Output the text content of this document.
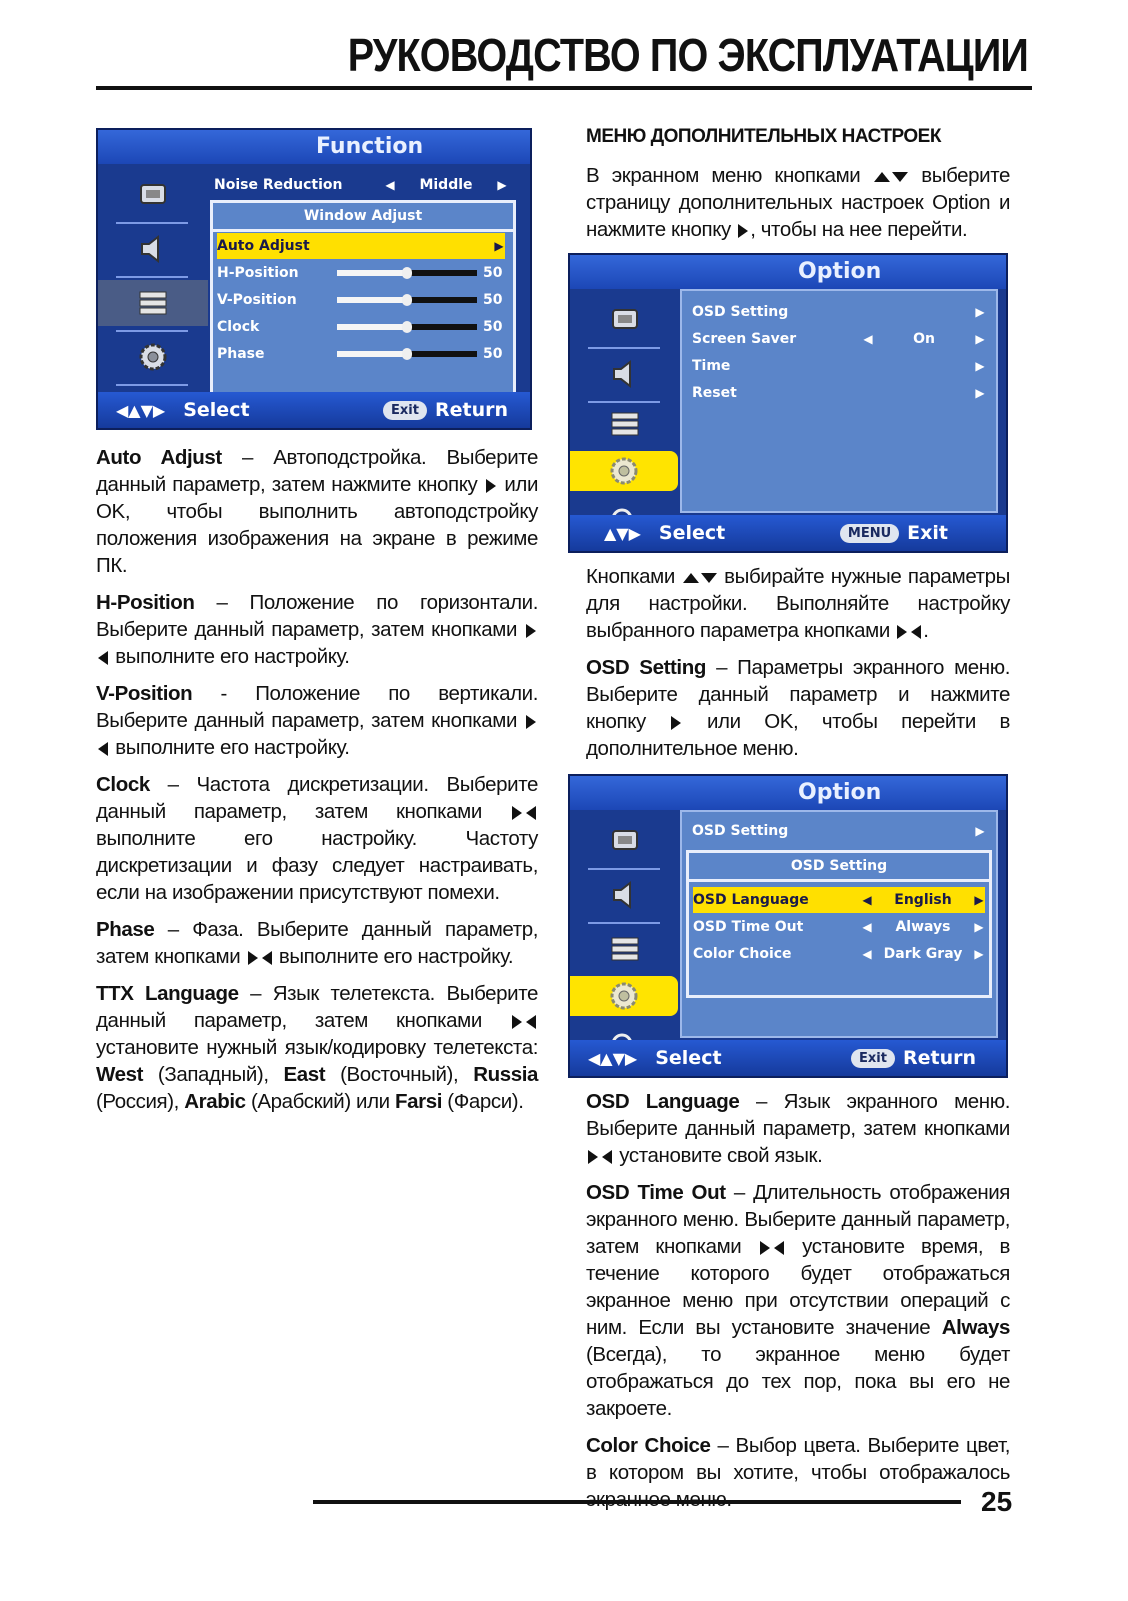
РУКОВОДСТВО ПО ЭКСПЛУАТАЦИИ
Function
Noise Reduction	◀	Middle	▶
Window Adjust
Auto Adjust	▶
H-Position	50
V-Position	50
Clock	50
Phase	50
◀▲▼▶ Select	Exit Return

Auto Adjust – Автоподстройка. Выберите данный параметр, затем нажмите кнопку  или OK, чтобы выполнить автоподстройку положения изображения на экране в режиме ПК.

H-Position – Положение по горизонтали. Выберите данный параметр, затем кнопками  выполните его настройку.

V-Position - Положение по вертикали. Выберите данный параметр, затем кнопками  выполните его настройку.

Clock – Частота дискретизации. Выберите данный параметр, затем кнопками  выполните его настройку. Частоту дискретизации и фазу следует настраивать, если на изображении присутствуют помехи.

Phase – Фаза. Выберите данный параметр, затем кнопками  выполните его настройку.

TTX Language – Язык телетекста. Выберите данный параметр, затем кнопками  установите нужный язык/кодировку телетекста: West (Западный), East (Восточный), Russia (Россия), Arabic (Арабский) или Farsi (Фарси).

МЕНЮ ДОПОЛНИТЕЛЬНЫХ НАСТРОЕК

В экранном меню кнопками  выберите страницу дополнительных настроек Option и нажмите кнопку , чтобы на нее перейти.

Option
OSD Setting	▶
Screen Saver	◀	On	▶
Time	▶
Reset	▶
▲▼▶ Select	MENU Exit

Кнопками  выбирайте нужные параметры для настройки. Выполняйте настройку выбранного параметра кнопками .

OSD Setting – Параметры экранного меню. Выберите данный параметр и нажмите кнопку  или OK, чтобы перейти в дополнительное меню.

Option
OSD Setting	▶
OSD Setting
OSD Language	◀	English	▶
OSD Time Out	◀	Always	▶
Color Choice	◀ Dark Gray	▶
◀▲▼▶ Select	Exit Return

OSD Language – Язык экранного меню. Выберите данный параметр, затем кнопками  установите свой язык.

OSD Time Out – Длительность отображения экранного меню. Выберите данный параметр, затем кнопками  установите время, в течение которого будет отображаться экранное меню при отсутствии операций с ним. Если вы установите значение Always (Всегда), то экранное меню будет отображаться до тех пор, пока вы его не закроете.

Color Choice – Выбор цвета. Выберите цвет, в котором вы хотите, чтобы отображалось

25
